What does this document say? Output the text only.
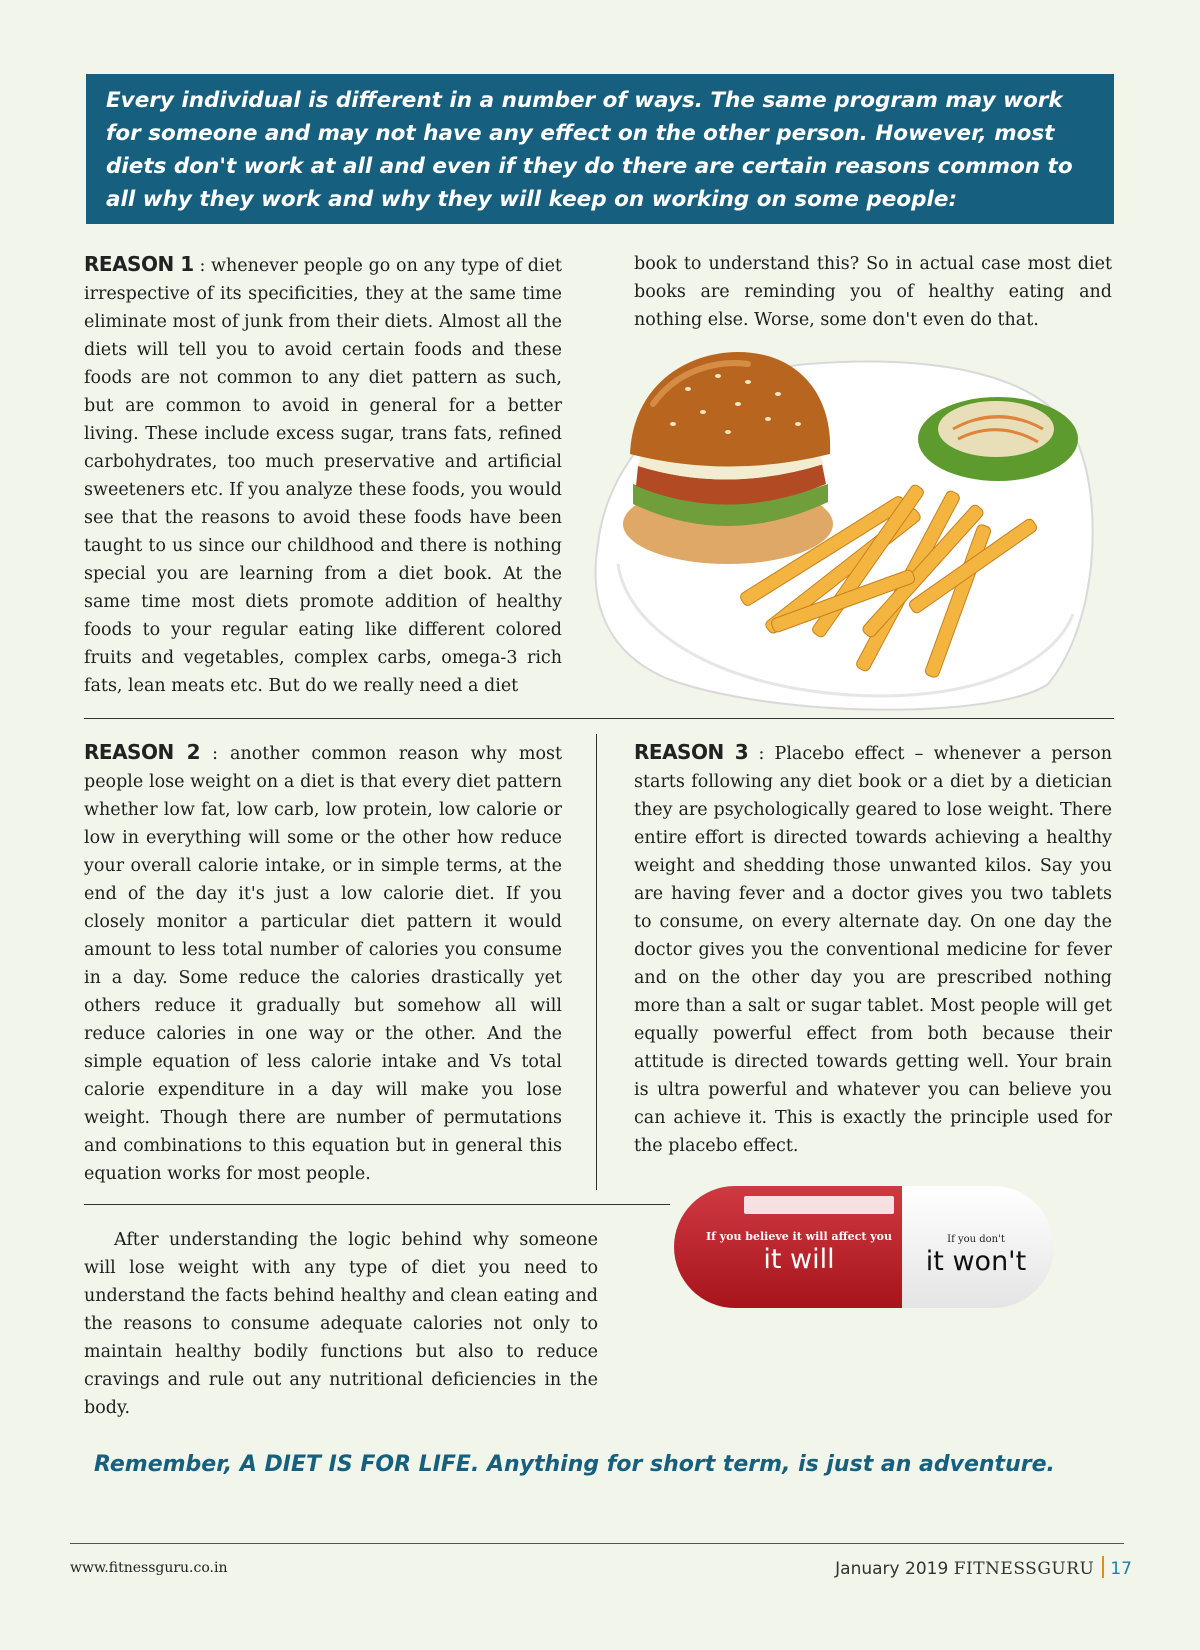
Every individual is different in a number of ways. The same program may work for someone and may not have any effect on the other person. However, most diets don't work at all and even if they do there are certain reasons common to all why they work and why they will keep on working on some people:

REASON 1 : whenever people go on any type of diet irrespective of its specificities, they at the same time eliminate most of junk from their diets. Almost all the diets will tell you to avoid certain foods and these foods are not common to any diet pattern as such, but are common to avoid in general for a better living. These include excess sugar, trans fats, refined carbohydrates, too much preservative and artificial sweeteners etc. If you analyze these foods, you would see that the reasons to avoid these foods have been taught to us since our childhood and there is nothing special you are learning from a diet book. At the same time most diets promote addition of healthy foods to your regular eating like different colored fruits and vegetables, complex carbs, omega-3 rich fats, lean meats etc. But do we really need a diet

book to understand this? So in actual case most diet books are reminding you of healthy eating and nothing else. Worse, some don't even do that.

REASON 2 : another common reason why most people lose weight on a diet is that every diet pattern whether low fat, low carb, low protein, low calorie or low in everything will some or the other how reduce your overall calorie intake, or in simple terms, at the end of the day it's just a low calorie diet. If you closely monitor a particular diet pattern it would amount to less total number of calories you consume in a day. Some reduce the calories drastically yet others reduce it gradually but somehow all will reduce calories in one way or the other. And the simple equation of less calorie intake and Vs total calorie expenditure in a day will make you lose weight. Though there are number of permutations and combinations to this equation but in general this equation works for most people.

REASON 3 : Placebo effect – whenever a person starts following any diet book or a diet by a dietician they are psychologically geared to lose weight. There entire effort is directed towards achieving a healthy weight and shedding those unwanted kilos. Say you are having fever and a doctor gives you two tablets to consume, on every alternate day. On one day the doctor gives you the conventional medicine for fever and on the other day you are prescribed nothing more than a salt or sugar tablet. Most people will get equally powerful effect from both because their attitude is directed towards getting well. Your brain is ultra powerful and whatever you can believe you can achieve it. This is exactly the principle used for the placebo effect.

After understanding the logic behind why someone will lose weight with any type of diet you need to understand the facts behind healthy and clean eating and the reasons to consume adequate calories not only to maintain healthy bodily functions but also to reduce cravings and rule out any nutritional deficiencies in the body.

If you believe it will affect you
it will
If you don't
it won't
Remember, A DIET IS FOR LIFE. Anything for short term, is just an adventure.
www.fitnessguru.co.in	January 2019 FITNESSGURU 17
